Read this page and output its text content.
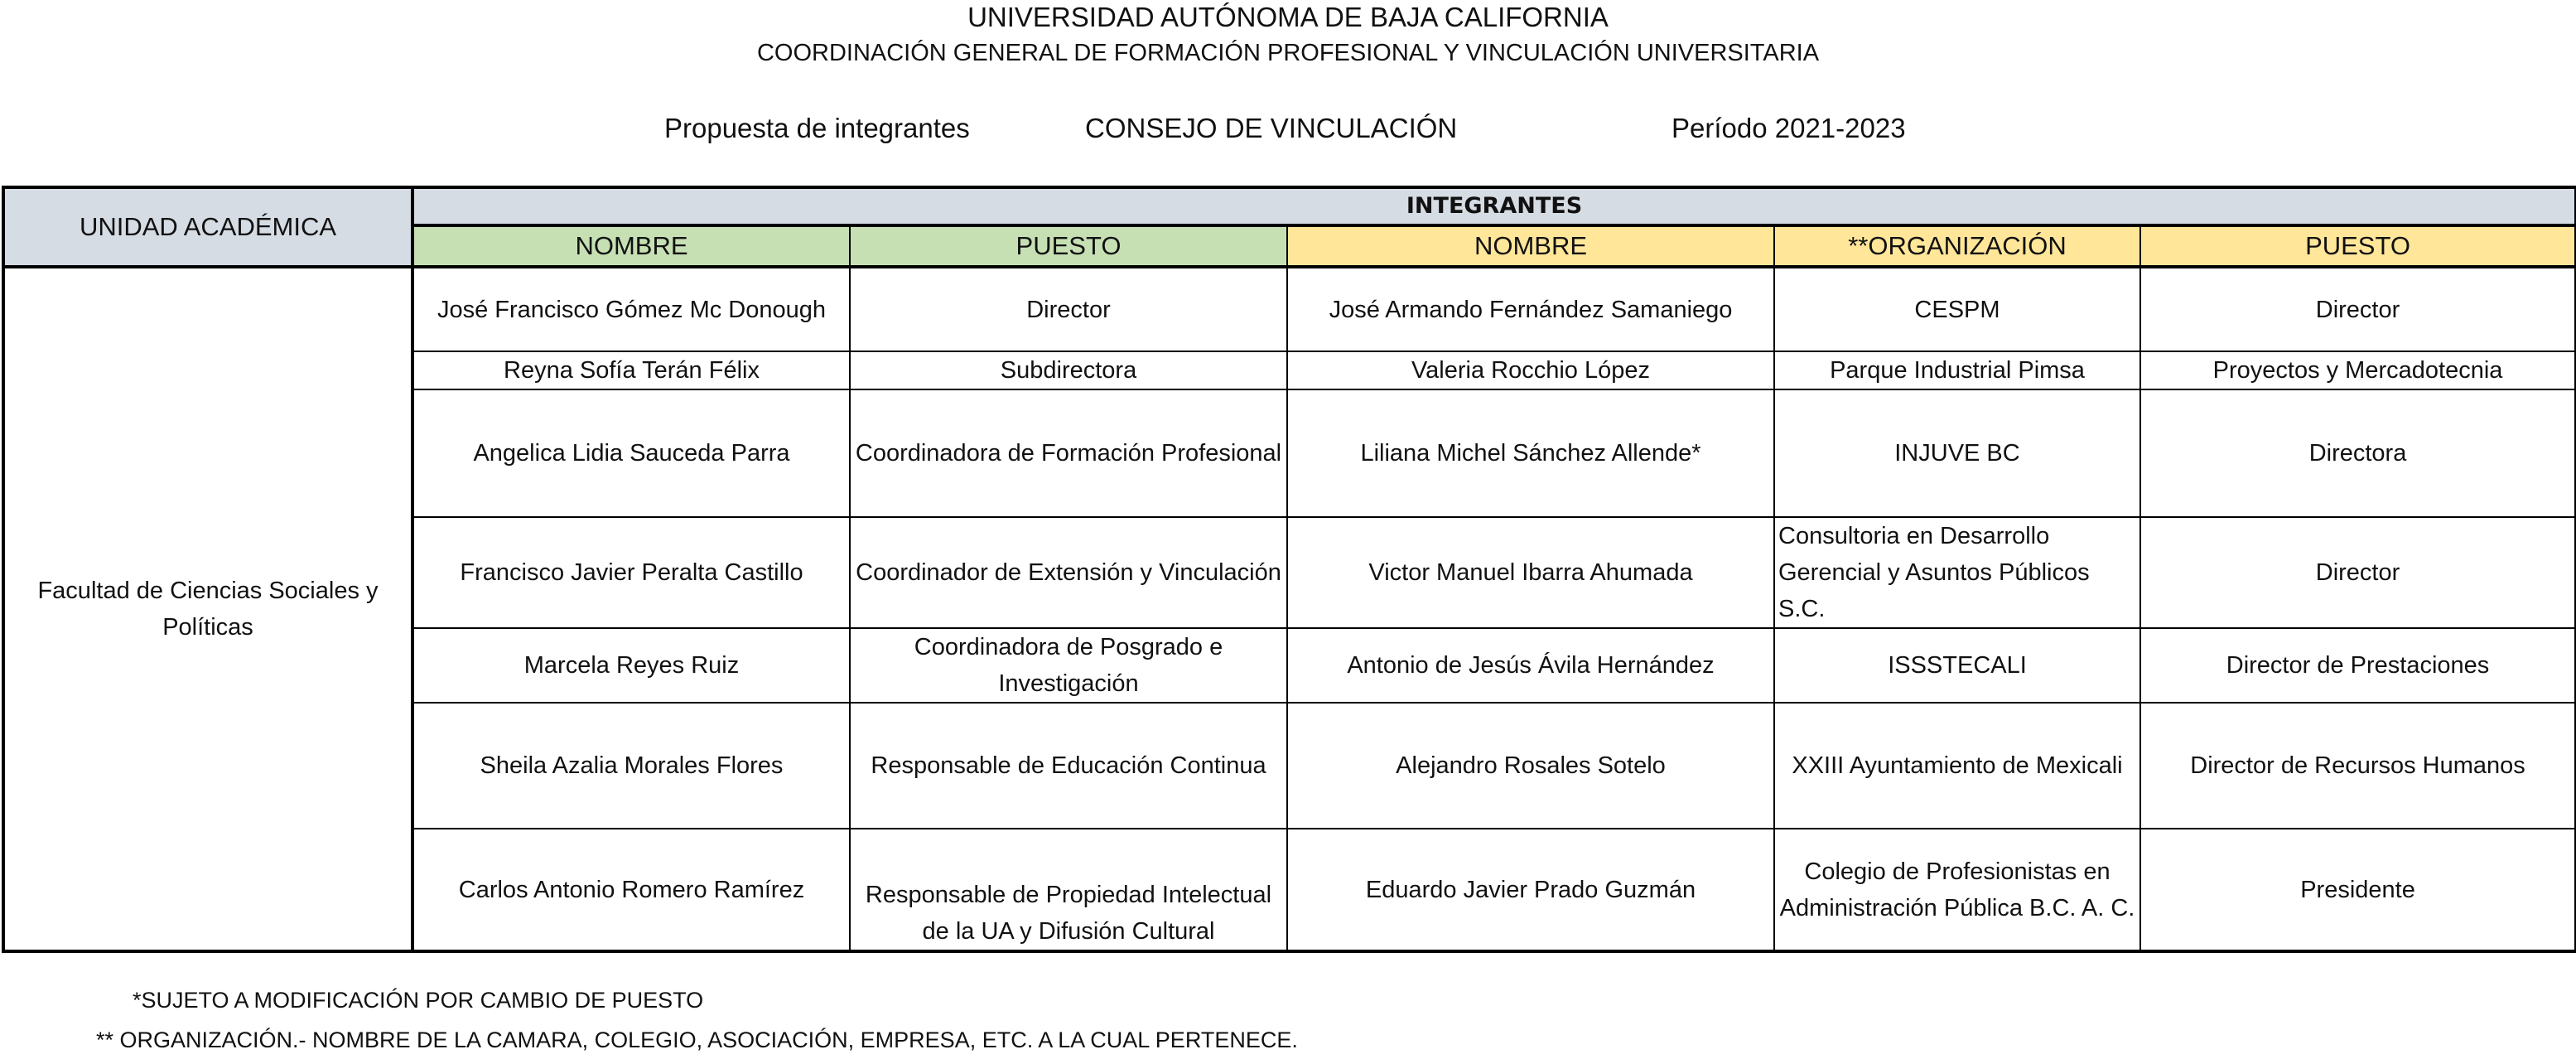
UNIVERSIDAD AUTÓNOMA DE BAJA CALIFORNIA
COORDINACIÓN GENERAL DE FORMACIÓN PROFESIONAL Y VINCULACIÓN UNIVERSITARIA
Propuesta de integrantes	CONSEJO DE VINCULACIÓN	Período 2021-2023
UNIDAD ACADÉMICA	INTEGRANTES				
	NOMBRE	PUESTO	NOMBRE	**ORGANIZACIÓN	PUESTO
Facultad de Ciencias Sociales y Políticas	José Francisco Gómez Mc Donough	Director	José Armando Fernández Samaniego	CESPM	Director
	Reyna Sofía Terán Félix	Subdirectora	Valeria Rocchio López	Parque Industrial Pimsa	Proyectos y Mercadotecnia
	Angelica Lidia Sauceda Parra	Coordinadora de Formación Profesional	Liliana Michel Sánchez Allende*	INJUVE BC	Directora
	Francisco Javier Peralta Castillo	Coordinador de Extensión y Vinculación	Victor Manuel Ibarra Ahumada	Consultoria en Desarrollo Gerencial y Asuntos Públicos S.C.	Director
	Marcela Reyes Ruiz	Coordinadora de Posgrado e Investigación	Antonio de Jesús Ávila Hernández	ISSSTECALI	Director de Prestaciones
	Sheila Azalia Morales Flores	Responsable de Educación Continua	Alejandro Rosales Sotelo	XXIII Ayuntamiento de Mexicali	Director de Recursos Humanos
	Carlos Antonio Romero Ramírez	Responsable de Propiedad Intelectual de la UA y Difusión Cultural	Eduardo Javier Prado Guzmán	Colegio de Profesionistas en Administración Pública B.C. A. C.	Presidente
*SUJETO A MODIFICACIÓN POR CAMBIO DE PUESTO
** ORGANIZACIÓN.- NOMBRE DE LA CAMARA, COLEGIO, ASOCIACIÓN, EMPRESA, ETC. A LA CUAL PERTENECE.
